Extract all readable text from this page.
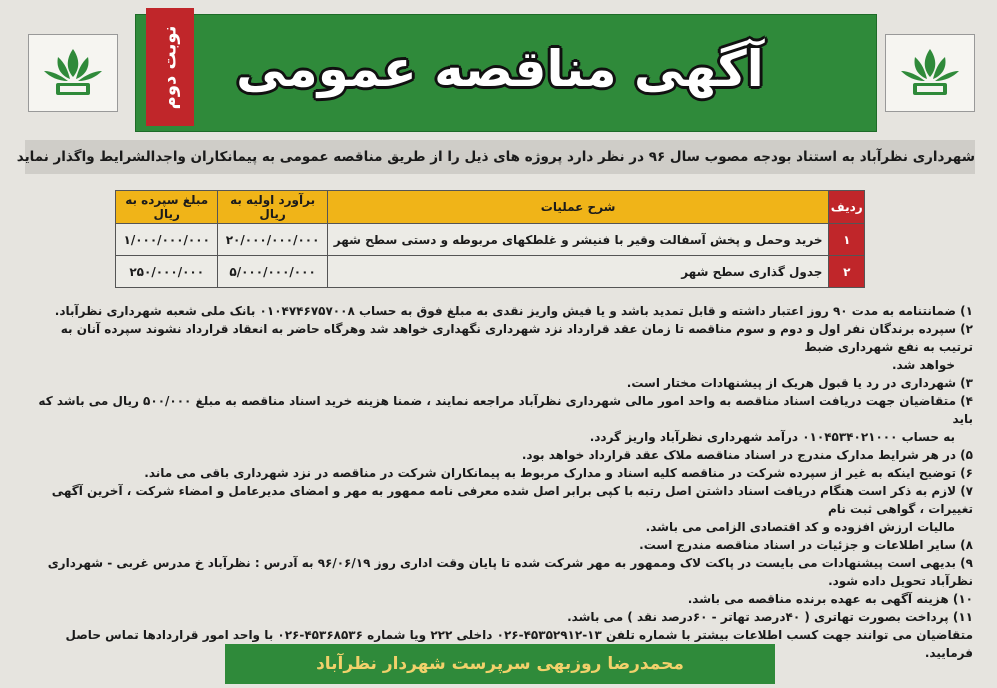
نوبت دوم	آگهی مناقصه عمومی
شهرداری نظرآباد به استناد بودجه مصوب سال ۹۶ در نظر دارد پروژه های ذیل را از طریق مناقصه عمومی به پیمانکاران واجدالشرایط واگذار نماید
ردیف	شرح عملیات	برآورد اولیه به ریال	مبلغ سپرده به ریال
۱	خرید وحمل و پخش آسفالت وقیر با فنیشر و غلطکهای مربوطه و دستی سطح شهر	۲۰/۰۰۰/۰۰۰/۰۰۰	۱/۰۰۰/۰۰۰/۰۰۰
۲	جدول گذاری سطح شهر	۵/۰۰۰/۰۰۰/۰۰۰	۲۵۰/۰۰۰/۰۰۰

۱) ضمانتنامه به مدت ۹۰ روز اعتبار داشته و قابل تمدید باشد و یا فیش واریز نقدی به مبلغ فوق به حساب ۰۱۰۴۷۴۶۷۵۷۰۰۸ بانک ملی شعبه شهرداری نظرآباد.

۲) سپرده برندگان نفر اول و دوم و سوم مناقصه تا زمان عقد قرارداد نزد شهرداری نگهداری خواهد شد وهرگاه حاضر به انعقاد قرارداد نشوند سپرده آنان به ترتیب به نفع شهرداری ضبط

خواهد شد.

۳) شهرداری در رد یا قبول هریک از پیشنهادات مختار است.

۴) متقاضیان جهت دریافت اسناد مناقصه به واحد امور مالی شهرداری نظرآباد مراجعه نمایند ، ضمنا هزینه خرید اسناد مناقصه به مبلغ ۵۰۰/۰۰۰ ریال می باشد که باید

به حساب ۰۱۰۴۵۳۴۰۲۱۰۰۰ درآمد شهرداری نظرآباد واریز گردد.

۵) در هر شرایط مدارک مندرج در اسناد مناقصه ملاک عقد قرارداد خواهد بود.

۶) توضیح اینکه به غیر از سپرده شرکت در مناقصه کلیه اسناد و مدارک مربوط به پیمانکاران شرکت در مناقصه در نزد شهرداری باقی می ماند.

۷) لازم به ذکر است هنگام دریافت اسناد داشتن اصل رتبه با کپی برابر اصل شده معرفی نامه ممهور به مهر و امضای مدیرعامل و امضاء شرکت ، آخرین آگهی تغییرات ، گواهی ثبت نام

مالیات ارزش افزوده و کد اقتصادی الزامی می باشد.

۸) سایر اطلاعات و جزئیات در اسناد مناقصه مندرج است.

۹) بدیهی است پیشنهادات می بایست در پاکت لاک وممهور به مهر شرکت شده تا پایان وقت اداری روز ۹۶/۰۶/۱۹ به آدرس : نظرآباد خ مدرس غربی - شهرداری نظرآباد تحویل داده شود.

۱۰) هزینه آگهی به عهده برنده مناقصه می باشد.

۱۱) پرداخت بصورت تهاتری ( ۴۰درصد تهاتر - ۶۰درصد نقد ) می باشد.

متقاضیان می توانند جهت کسب اطلاعات بیشتر با شماره تلفن ۱۳-۴۵۳۵۲۹۱۲-۰۲۶ داخلی ۲۲۲ ویا شماره ۴۵۳۶۸۵۳۶-۰۲۶ با واحد امور قراردادها تماس حاصل فرمایید.

محمدرضا روزبهی سرپرست شهردار نظرآباد
